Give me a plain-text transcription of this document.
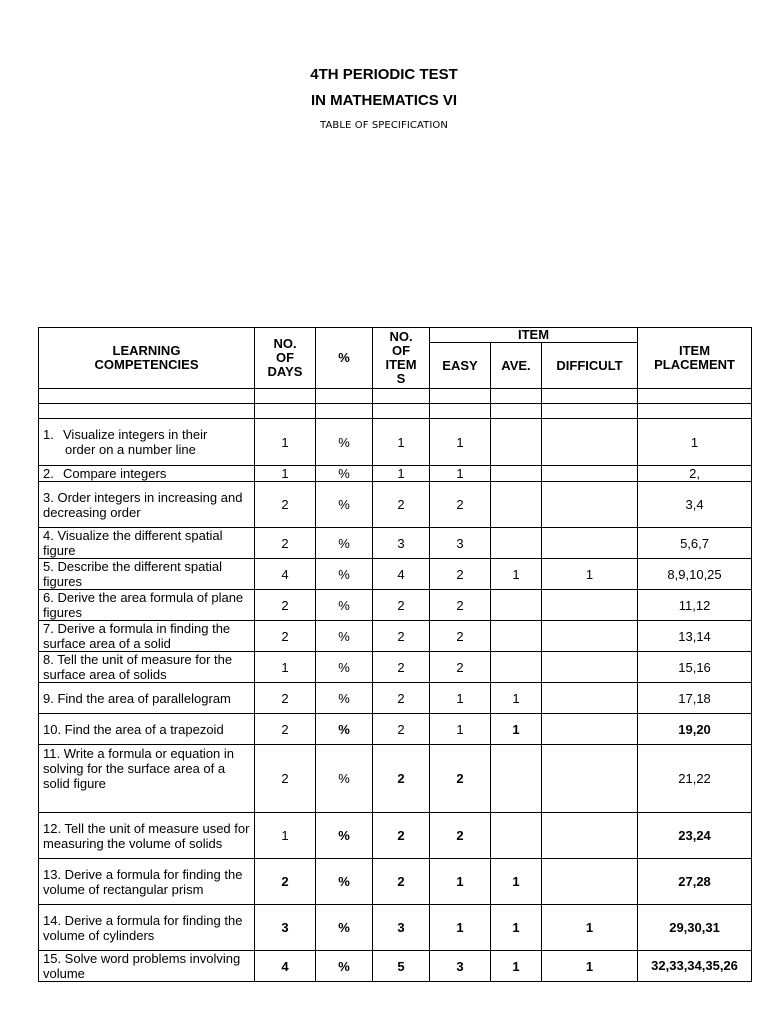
4TH PERIODIC TEST
IN MATHEMATICS VI
TABLE OF SPECIFICATION
LEARNING COMPETENCIES	NO. OF DAYS	%	NO. OF ITEM S	ITEM			ITEM PLACEMENT
				EASY	AVE.	DIFFICULT	

1. Visualize integers in their
order on a number line	1	%	1	1			1
2. Compare integers	1	%	1	1			2,
3. Order integers in increasing and decreasing order	2	%	2	2			3,4
4. Visualize the different spatial figure	2	%	3	3			5,6,7
5. Describe the different spatial figures	4	%	4	2	1	1	8,9,10,25
6. Derive the area formula of plane figures	2	%	2	2			11,12
7. Derive a formula in finding the surface area of a solid	2	%	2	2			13,14
8. Tell the unit of measure for the surface area of solids	1	%	2	2			15,16
9. Find the area of parallelogram	2	%	2	1	1		17,18
10. Find the area of a trapezoid	2	%	2	1	1		19,20
11. Write a formula or equation in solving for the surface area of a solid figure	2	%	2	2			21,22
12. Tell the unit of measure used for measuring the volume of solids	1	%	2	2			23,24
13. Derive a formula for finding the volume of rectangular prism	2	%	2	1	1		27,28
14. Derive a formula for finding the volume of cylinders	3	%	3	1	1	1	29,30,31
15. Solve word problems involving volume	4	%	5	3	1	1	32,33,34,35,26
